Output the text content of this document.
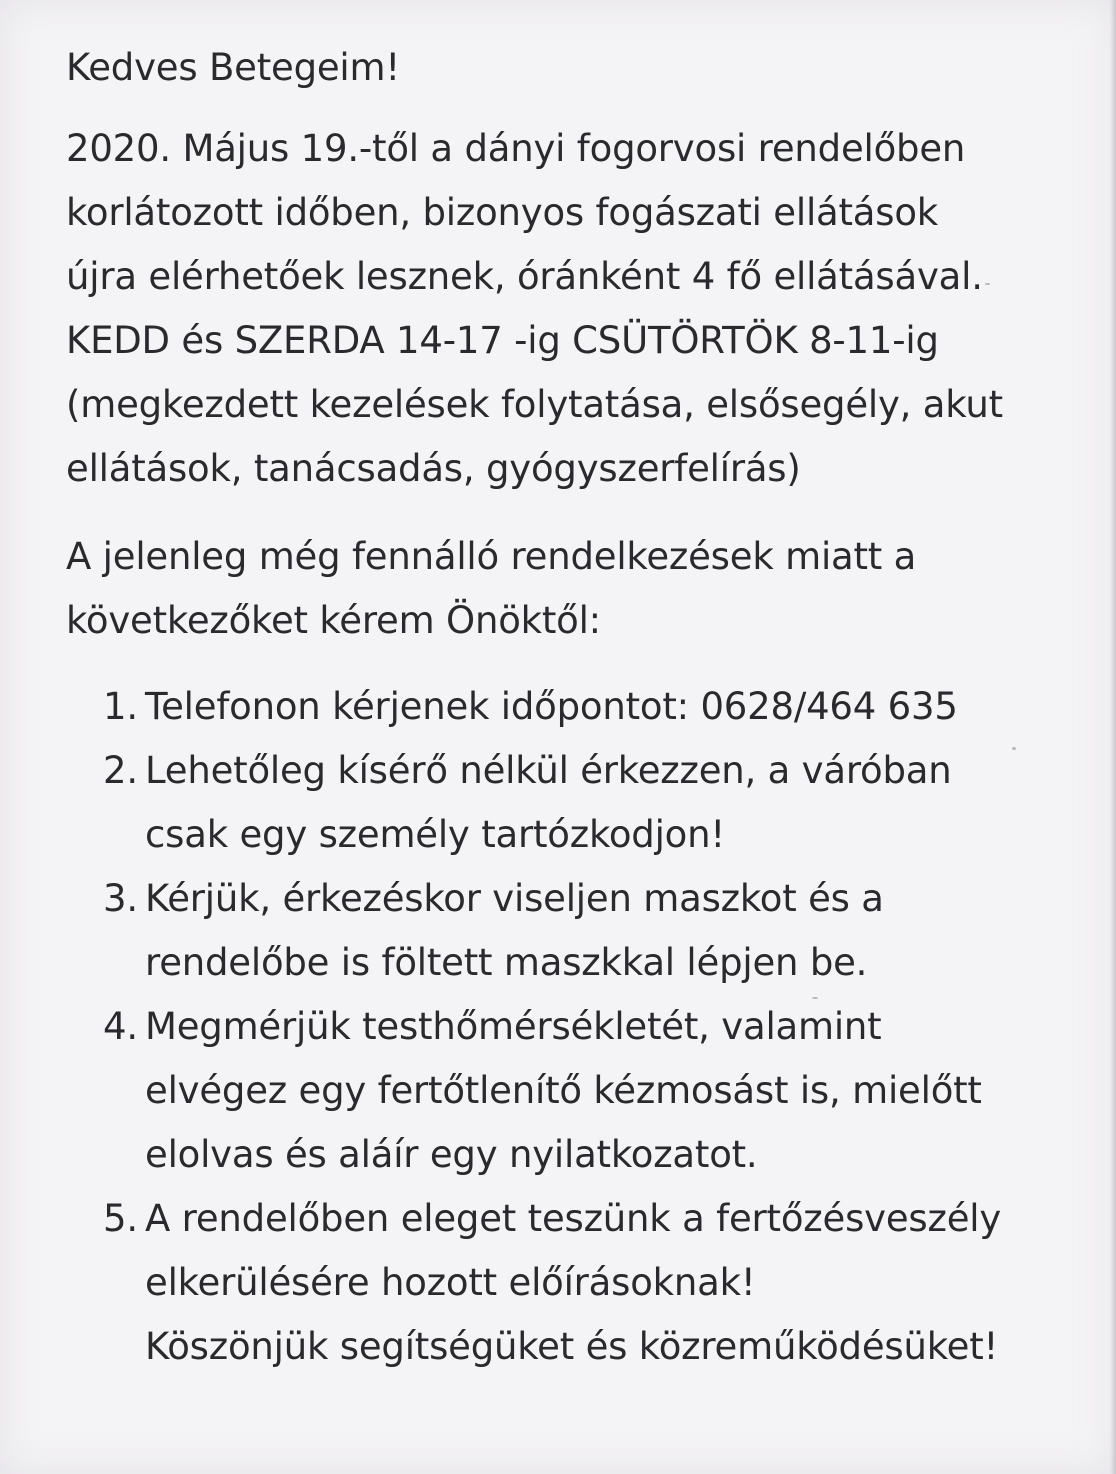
Kedves Betegeim!
2020. Május 19.-től a dányi fogorvosi rendelőben
korlátozott időben, bizonyos fogászati ellátások
újra elérhetőek lesznek, óránként 4 fő ellátásával.
KEDD és SZERDA 14-17 -ig CSÜTÖRTÖK 8-11-ig
(megkezdett kezelések folytatása, elsősegély, akut
ellátások, tanácsadás, gyógyszerfelírás)
A jelenleg még fennálló rendelkezések miatt a
következőket kérem Önöktől:
1. Telefonon kérjenek időpontot: 0628/464 635
2. Lehetőleg kísérő nélkül érkezzen, a váróban
csak egy személy tartózkodjon!
3. Kérjük, érkezéskor viseljen maszkot és a
rendelőbe is föltett maszkkal lépjen be.
4. Megmérjük testhőmérsékletét, valamint
elvégez egy fertőtlenítő kézmosást is, mielőtt
elolvas és aláír egy nyilatkozatot.
5. A rendelőben eleget teszünk a fertőzésveszély
elkerülésére hozott előírásoknak!
Köszönjük segítségüket és közreműködésüket!
